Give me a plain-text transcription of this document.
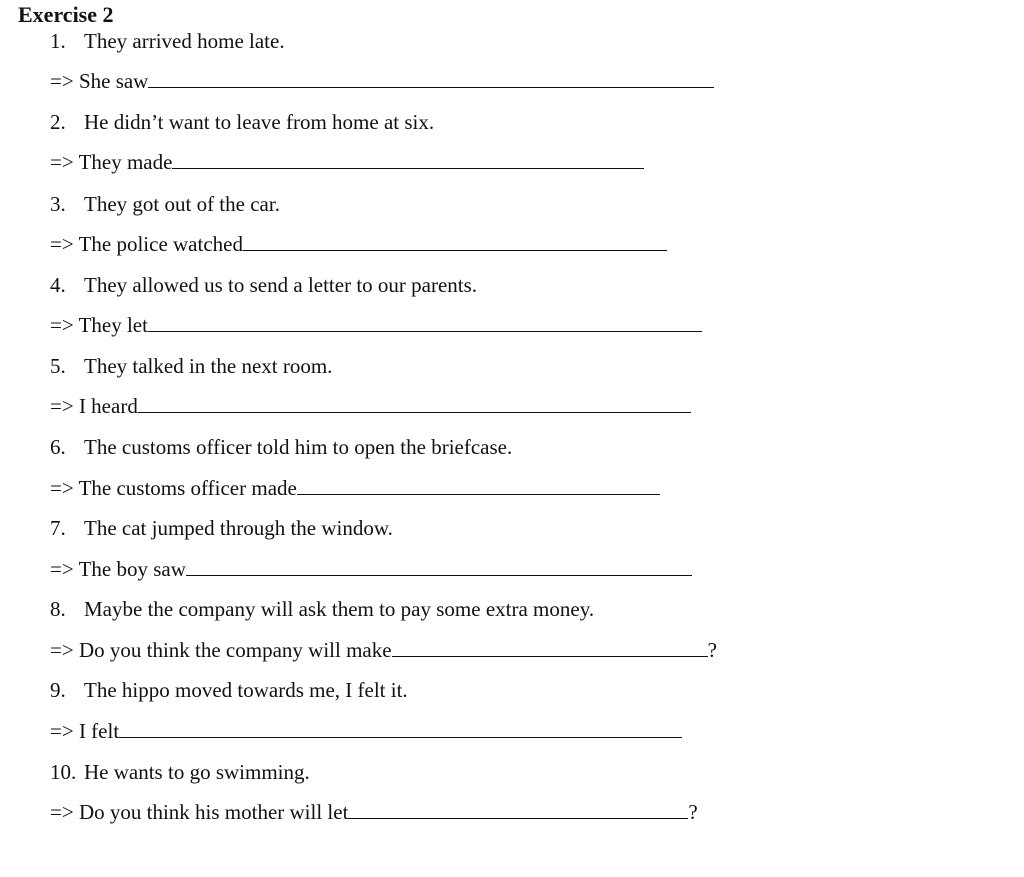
Exercise 2
1. They arrived home late.
=> She saw
2. He didn’t want to leave from home at six.
=> They made
3. They got out of the car.
=> The police watched
4. They allowed us to send a letter to our parents.
=> They let
5. They talked in the next room.
=> I heard
6. The customs officer told him to open the briefcase.
=> The customs officer made
7. The cat jumped through the window.
=> The boy saw
8. Maybe the company will ask them to pay some extra money.
=> Do you think the company will make	?
9. The hippo moved towards me, I felt it.
=> I felt
10. He wants to go swimming.
=> Do you think his mother will let	?
